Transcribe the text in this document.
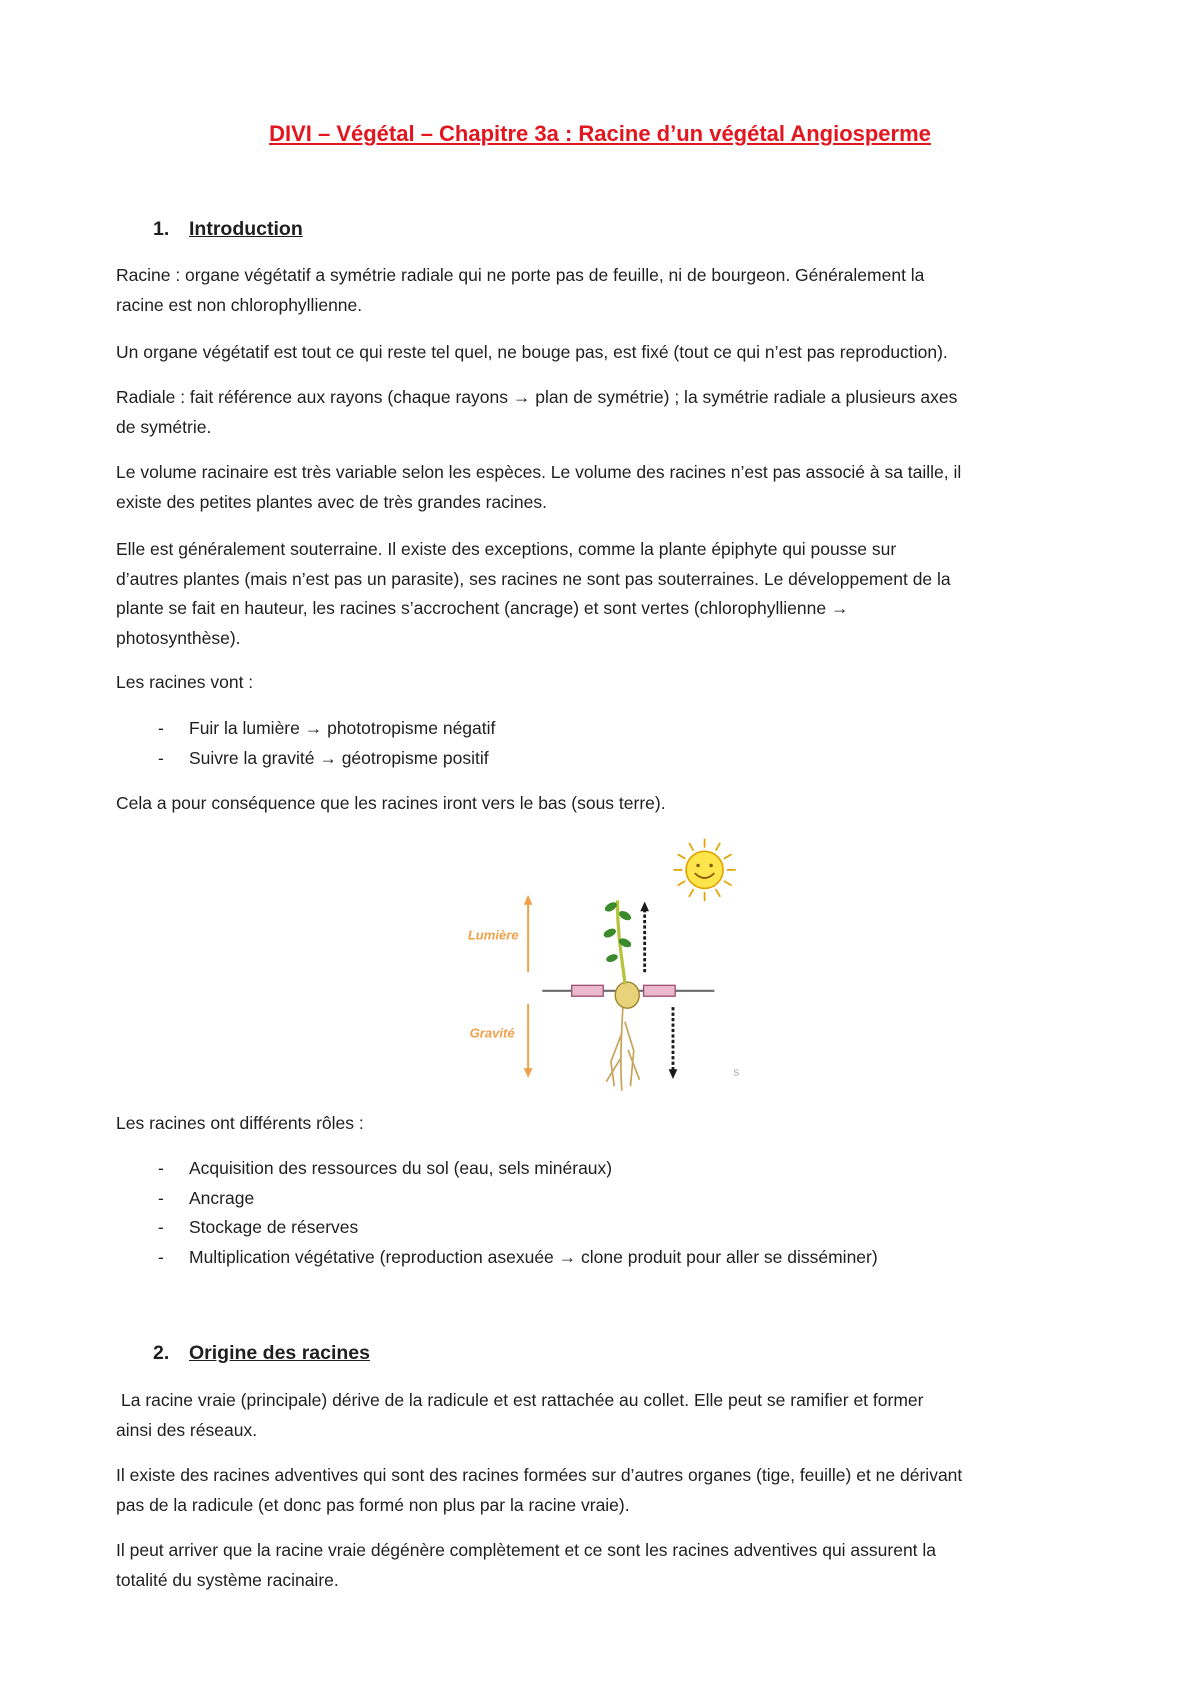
DIVI – Végétal – Chapitre 3a : Racine d’un végétal Angiosperme
1. Introduction
Racine : organe végétatif a symétrie radiale qui ne porte pas de feuille, ni de bourgeon. Généralement la
racine est non chlorophyllienne.
Un organe végétatif est tout ce qui reste tel quel, ne bouge pas, est fixé (tout ce qui n’est pas reproduction).
Radiale : fait référence aux rayons (chaque rayons → plan de symétrie) ; la symétrie radiale a plusieurs axes
de symétrie.
Le volume racinaire est très variable selon les espèces. Le volume des racines n’est pas associé à sa taille, il
existe des petites plantes avec de très grandes racines.
Elle est généralement souterraine. Il existe des exceptions, comme la plante épiphyte qui pousse sur
d’autres plantes (mais n’est pas un parasite), ses racines ne sont pas souterraines. Le développement de la
plante se fait en hauteur, les racines s’accrochent (ancrage) et sont vertes (chlorophyllienne →
photosynthèse).
Les racines vont :
- Fuir la lumière → phototropisme négatif
- Suivre la gravité → géotropisme positif
Cela a pour conséquence que les racines iront vers le bas (sous terre).
Lumière
Gravité
S
Les racines ont différents rôles :
- Acquisition des ressources du sol (eau, sels minéraux)
- Ancrage
- Stockage de réserves
- Multiplication végétative (reproduction asexuée → clone produit pour aller se disséminer)
2. Origine des racines
La racine vraie (principale) dérive de la radicule et est rattachée au collet. Elle peut se ramifier et former
ainsi des réseaux.
Il existe des racines adventives qui sont des racines formées sur d’autres organes (tige, feuille) et ne dérivant
pas de la radicule (et donc pas formé non plus par la racine vraie).
Il peut arriver que la racine vraie dégénère complètement et ce sont les racines adventives qui assurent la
totalité du système racinaire.
